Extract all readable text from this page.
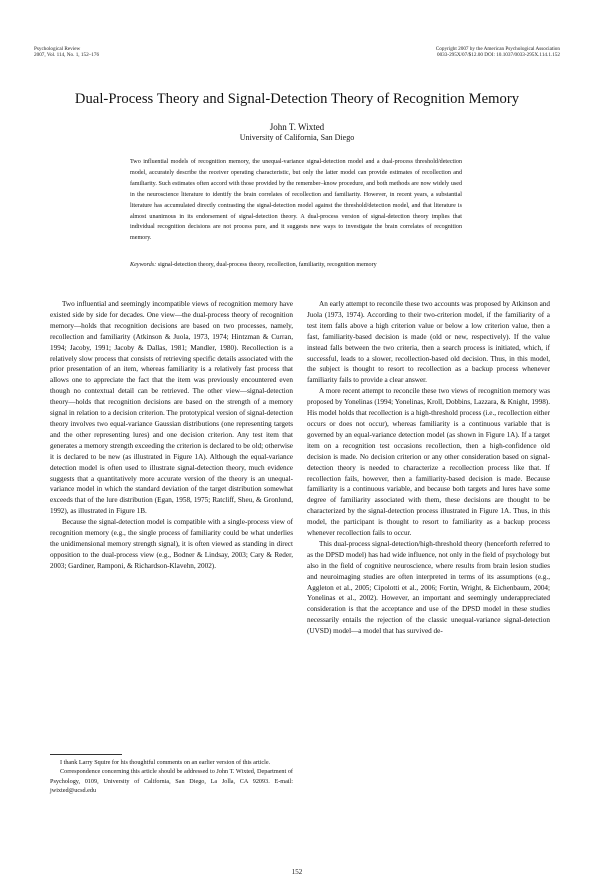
Psychological Review
2007, Vol. 114, No. 1, 152–176
Copyright 2007 by the American Psychological Association
0033-295X/07/$12.00 DOI: 10.1037/0033-295X.114.1.152
Dual-Process Theory and Signal-Detection Theory of Recognition Memory
John T. Wixted
University of California, San Diego
Two influential models of recognition memory, the unequal-variance signal-detection model and a dual-process threshold/detection model, accurately describe the receiver operating characteristic, but only the latter model can provide estimates of recollection and familiarity. Such estimates often accord with those provided by the remember–know procedure, and both methods are now widely used in the neuroscience literature to identify the brain correlates of recollection and familiarity. However, in recent years, a substantial literature has accumulated directly contrasting the signal-detection model against the threshold/detection model, and that literature is almost unanimous in its endorsement of signal-detection theory. A dual-process version of signal-detection theory implies that individual recognition decisions are not process pure, and it suggests new ways to investigate the brain correlates of recognition memory.
Keywords: signal-detection theory, dual-process theory, recollection, familiarity, recognition memory

Two influential and seemingly incompatible views of recognition memory have existed side by side for decades. One view—the dual-process theory of recognition memory—holds that recognition decisions are based on two processes, namely, recollection and familiarity (Atkinson & Juola, 1973, 1974; Hintzman & Curran, 1994; Jacoby, 1991; Jacoby & Dallas, 1981; Mandler, 1980). Recollection is a relatively slow process that consists of retrieving specific details associated with the prior presentation of an item, whereas familiarity is a relatively fast process that allows one to appreciate the fact that the item was previously encountered even though no contextual detail can be retrieved. The other view—signal-detection theory—holds that recognition decisions are based on the strength of a memory signal in relation to a decision criterion. The prototypical version of signal-detection theory involves two equal-variance Gaussian distributions (one representing targets and the other representing lures) and one decision criterion. Any test item that generates a memory strength exceeding the criterion is declared to be old; otherwise it is declared to be new (as illustrated in Figure 1A). Although the equal-variance detection model is often used to illustrate signal-detection theory, much evidence suggests that a quantitatively more accurate version of the theory is an unequal-variance model in which the standard deviation of the target distribution somewhat exceeds that of the lure distribution (Egan, 1958, 1975; Ratcliff, Sheu, & Gronlund, 1992), as illustrated in Figure 1B.

Because the signal-detection model is compatible with a single-process view of recognition memory (e.g., the single process of familiarity could be what underlies the unidimensional memory strength signal), it is often viewed as standing in direct opposition to the dual-process view (e.g., Bodner & Lindsay, 2003; Cary & Reder, 2003; Gardiner, Ramponi, & Richardson-Klavehn, 2002).

An early attempt to reconcile these two accounts was proposed by Atkinson and Juola (1973, 1974). According to their two-criterion model, if the familiarity of a test item falls above a high criterion value or below a low criterion value, then a fast, familiarity-based decision is made (old or new, respectively). If the value instead falls between the two criteria, then a search process is initiated, which, if successful, leads to a slower, recollection-based old decision. Thus, in this model, the subject is thought to resort to recollection as a backup process whenever familiarity fails to provide a clear answer.

A more recent attempt to reconcile these two views of recognition memory was proposed by Yonelinas (1994; Yonelinas, Kroll, Dobbins, Lazzara, & Knight, 1998). His model holds that recollection is a high-threshold process (i.e., recollection either occurs or does not occur), whereas familiarity is a continuous variable that is governed by an equal-variance detection model (as shown in Figure 1A). If a target item on a recognition test occasions recollection, then a high-confidence old decision is made. No decision criterion or any other consideration based on signal-detection theory is needed to characterize a recollection process like that. If recollection fails, however, then a familiarity-based decision is made. Because familiarity is a continuous variable, and because both targets and lures have some degree of familiarity associated with them, these decisions are thought to be characterized by the signal-detection process illustrated in Figure 1A. Thus, in this model, the participant is thought to resort to familiarity as a backup process whenever recollection fails to occur.

This dual-process signal-detection/high-threshold theory (henceforth referred to as the DPSD model) has had wide influence, not only in the field of psychology but also in the field of cognitive neuroscience, where results from brain lesion studies and neuroimaging studies are often interpreted in terms of its assumptions (e.g., Aggleton et al., 2005; Cipolotti et al., 2006; Fortin, Wright, & Eichenbaum, 2004; Yonelinas et al., 2002). However, an important and seemingly underappreciated consideration is that the acceptance and use of the DPSD model in these studies necessarily entails the rejection of the classic unequal-variance signal-detection (UVSD) model—a model that has survived de-

I thank Larry Squire for his thoughtful comments on an earlier version of this article.

Correspondence concerning this article should be addressed to John T. Wixted, Department of Psychology, 0109, University of California, San Diego, La Jolla, CA 92093. E-mail: jwixted@ucsd.edu

152
